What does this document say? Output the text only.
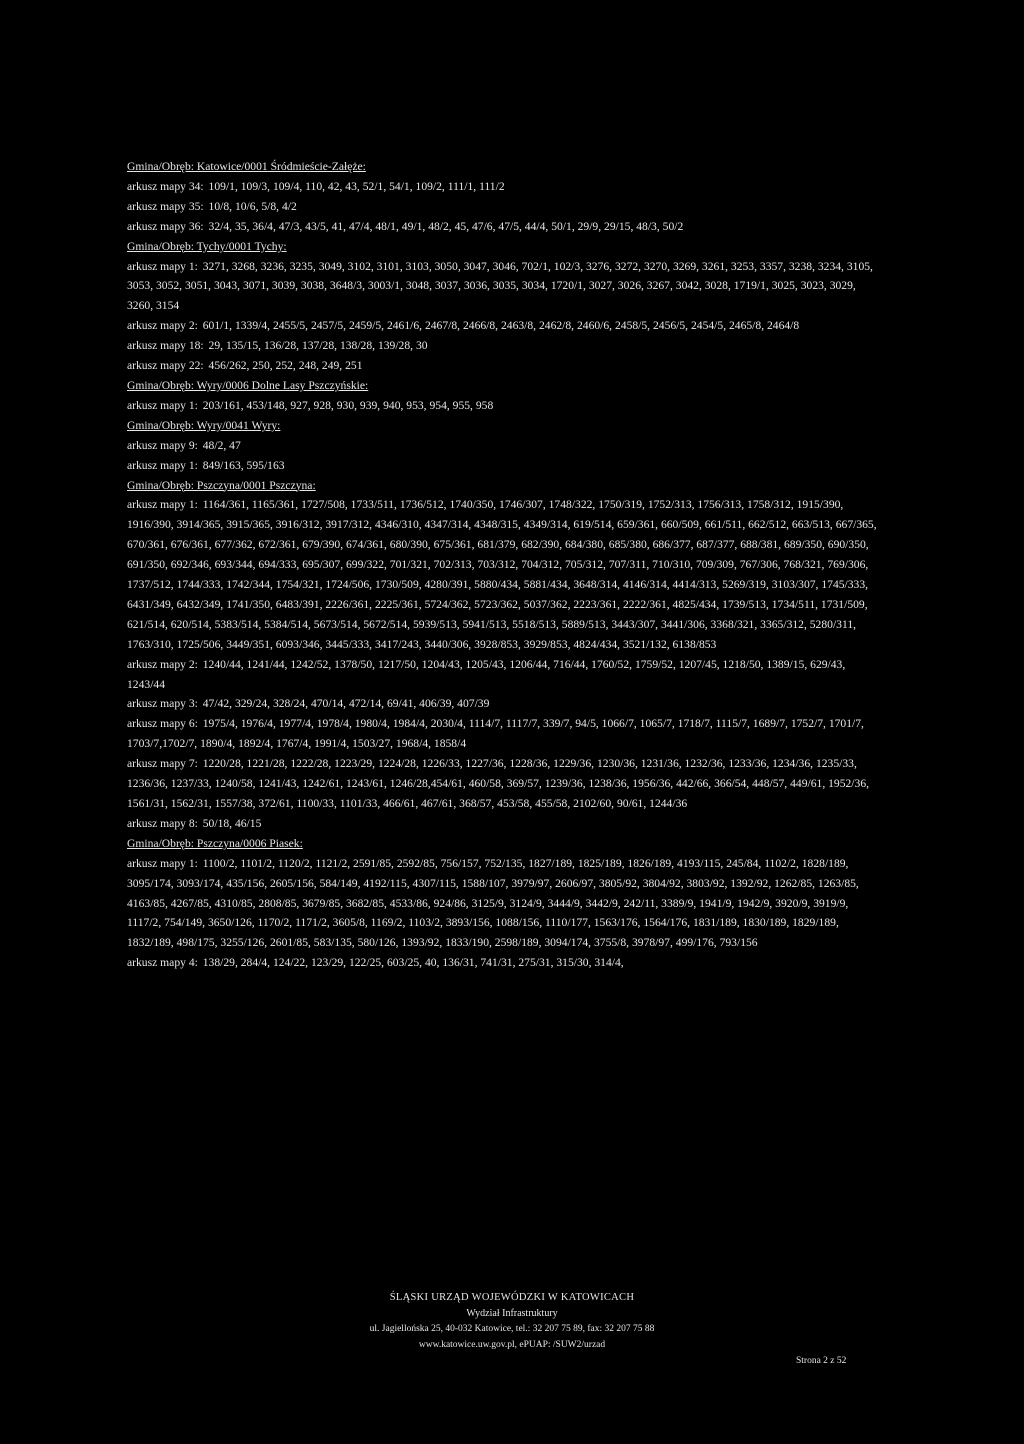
Gmina/Obręb: Katowice/0001 Śródmieście-Załęże:
arkusz mapy 34: 109/1, 109/3, 109/4, 110, 42, 43, 52/1, 54/1, 109/2, 111/1, 111/2
arkusz mapy 35: 10/8, 10/6, 5/8, 4/2
arkusz mapy 36: 32/4, 35, 36/4, 47/3, 43/5, 41, 47/4, 48/1, 49/1, 48/2, 45, 47/6, 47/5, 44/4, 50/1, 29/9, 29/15, 48/3, 50/2
Gmina/Obręb: Tychy/0001 Tychy:
arkusz mapy 1: 3271, 3268, 3236, 3235, 3049, 3102, 3101, 3103, 3050, 3047, 3046, 702/1, 102/3, 3276, 3272, 3270, 3269, 3261, 3253, 3357, 3238, 3234, 3105, 3053, 3052, 3051, 3043, 3071, 3039, 3038, 3648/3, 3003/1, 3048, 3037, 3036, 3035, 3034, 1720/1, 3027, 3026, 3267, 3042, 3028, 1719/1, 3025, 3023, 3029, 3260, 3154
arkusz mapy 2: 601/1, 1339/4, 2455/5, 2457/5, 2459/5, 2461/6, 2467/8, 2466/8, 2463/8, 2462/8, 2460/6, 2458/5, 2456/5, 2454/5, 2465/8, 2464/8
arkusz mapy 18: 29, 135/15, 136/28, 137/28, 138/28, 139/28, 30
arkusz mapy 22: 456/262, 250, 252, 248, 249, 251
Gmina/Obręb: Wyry/0006 Dolne Lasy Pszczyńskie:
arkusz mapy 1: 203/161, 453/148, 927, 928, 930, 939, 940, 953, 954, 955, 958
Gmina/Obręb: Wyry/0041 Wyry:
arkusz mapy 9: 48/2, 47
arkusz mapy 1: 849/163, 595/163
Gmina/Obręb: Pszczyna/0001 Pszczyna:
arkusz mapy 1: 1164/361, 1165/361, 1727/508, 1733/511, 1736/512, 1740/350, 1746/307, 1748/322, 1750/319, 1752/313, 1756/313, 1758/312, 1915/390, 1916/390, 3914/365, 3915/365, 3916/312, 3917/312, 4346/310, 4347/314, 4348/315, 4349/314, 619/514, 659/361, 660/509, 661/511, 662/512, 663/513, 667/365, 670/361, 676/361, 677/362, 672/361, 679/390, 674/361, 680/390, 675/361, 681/379, 682/390, 684/380, 685/380, 686/377, 687/377, 688/381, 689/350, 690/350, 691/350, 692/346, 693/344, 694/333, 695/307, 699/322, 701/321, 702/313, 703/312, 704/312, 705/312, 707/311, 710/310, 709/309, 767/306, 768/321, 769/306, 1737/512, 1744/333, 1742/344, 1754/321, 1724/506, 1730/509, 4280/391, 5880/434, 5881/434, 3648/314, 4146/314, 4414/313, 5269/319, 3103/307, 1745/333, 6431/349, 6432/349, 1741/350, 6483/391, 2226/361, 2225/361, 5724/362, 5723/362, 5037/362, 2223/361, 2222/361, 4825/434, 1739/513, 1734/511, 1731/509, 621/514, 620/514, 5383/514, 5384/514, 5673/514, 5672/514, 5939/513, 5941/513, 5518/513, 5889/513, 3443/307, 3441/306, 3368/321, 3365/312, 5280/311, 1763/310, 1725/506, 3449/351, 6093/346, 3445/333, 3417/243, 3440/306, 3928/853, 3929/853, 4824/434, 3521/132, 6138/853
arkusz mapy 2: 1240/44, 1241/44, 1242/52, 1378/50, 1217/50, 1204/43, 1205/43, 1206/44, 716/44, 1760/52, 1759/52, 1207/45, 1218/50, 1389/15, 629/43, 1243/44
arkusz mapy 3: 47/42, 329/24, 328/24, 470/14, 472/14, 69/41, 406/39, 407/39
arkusz mapy 6: 1975/4, 1976/4, 1977/4, 1978/4, 1980/4, 1984/4, 2030/4, 1114/7, 1117/7, 339/7, 94/5, 1066/7, 1065/7, 1718/7, 1115/7, 1689/7, 1752/7, 1701/7, 1703/7,1702/7, 1890/4, 1892/4, 1767/4, 1991/4, 1503/27, 1968/4, 1858/4
arkusz mapy 7: 1220/28, 1221/28, 1222/28, 1223/29, 1224/28, 1226/33, 1227/36, 1228/36, 1229/36, 1230/36, 1231/36, 1232/36, 1233/36, 1234/36, 1235/33, 1236/36, 1237/33, 1240/58, 1241/43, 1242/61, 1243/61, 1246/28,454/61, 460/58, 369/57, 1239/36, 1238/36, 1956/36, 442/66, 366/54, 448/57, 449/61, 1952/36, 1561/31, 1562/31, 1557/38, 372/61, 1100/33, 1101/33, 466/61, 467/61, 368/57, 453/58, 455/58, 2102/60, 90/61, 1244/36
arkusz mapy 8: 50/18, 46/15
Gmina/Obręb: Pszczyna/0006 Piasek:
arkusz mapy 1: 1100/2, 1101/2, 1120/2, 1121/2, 2591/85, 2592/85, 756/157, 752/135, 1827/189, 1825/189, 1826/189, 4193/115, 245/84, 1102/2, 1828/189, 3095/174, 3093/174, 435/156, 2605/156, 584/149, 4192/115, 4307/115, 1588/107, 3979/97, 2606/97, 3805/92, 3804/92, 3803/92, 1392/92, 1262/85, 1263/85, 4163/85, 4267/85, 4310/85, 2808/85, 3679/85, 3682/85, 4533/86, 924/86, 3125/9, 3124/9, 3444/9, 3442/9, 242/11, 3389/9, 1941/9, 1942/9, 3920/9, 3919/9, 1117/2, 754/149, 3650/126, 1170/2, 1171/2, 3605/8, 1169/2, 1103/2, 3893/156, 1088/156, 1110/177, 1563/176, 1564/176, 1831/189, 1830/189, 1829/189, 1832/189, 498/175, 3255/126, 2601/85, 583/135, 580/126, 1393/92, 1833/190, 2598/189, 3094/174, 3755/8, 3978/97, 499/176, 793/156
arkusz mapy 4: 138/29, 284/4, 124/22, 123/29, 122/25, 603/25, 40, 136/31, 741/31, 275/31, 315/30, 314/4,
ŚLĄSKI URZĄD WOJEWÓDZKI W KATOWICACH
Wydział Infrastruktury
ul. Jagiellońska 25, 40-032 Katowice, tel.: 32 207 75 89, fax: 32 207 75 88
www.katowice.uw.gov.pl, ePUAP: /SUW2/urzad
Strona 2 z 52
